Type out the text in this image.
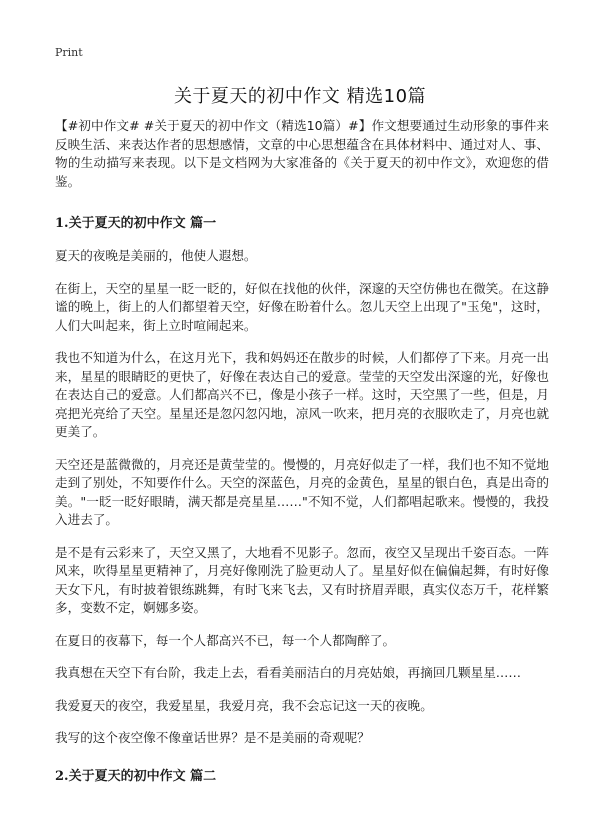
Print
关于夏天的初中作文 精选10篇

【#初中作文# #关于夏天的初中作文（精选10篇）#】作文想要通过生动形象的事件来反映生活、来表达作者的思想感情，文章的中心思想蕴含在具体材料中、通过对人、事、物的生动描写来表现。以下是文档网为大家准备的《关于夏天的初中作文》，欢迎您的借鉴。

1.关于夏天的初中作文 篇一

夏天的夜晚是美丽的，他使人遐想。

在街上，天空的星星一眨一眨的，好似在找他的伙伴，深邃的天空仿佛也在微笑。在这静谧的晚上，街上的人们都望着天空，好像在盼着什么。忽儿天空上出现了"玉兔"，这时，人们大叫起来，街上立时喧闹起来。

我也不知道为什么，在这月光下，我和妈妈还在散步的时候，人们都停了下来。月亮一出来，星星的眼睛眨的更快了，好像在表达自己的爱意。莹莹的天空发出深邃的光，好像也在表达自己的爱意。人们都高兴不已，像是小孩子一样。这时，天空黑了一些，但是，月亮把光亮给了天空。星星还是忽闪忽闪地，凉风一吹来，把月亮的衣服吹走了，月亮也就更美了。

天空还是蓝微微的，月亮还是黄莹莹的。慢慢的，月亮好似走了一样，我们也不知不觉地走到了别处，不知要作什么。天空的深蓝色，月亮的金黄色，星星的银白色，真是出奇的美。"一眨一眨好眼睛，满天都是亮星星……"不知不觉，人们都唱起歌来。慢慢的，我投入进去了。

是不是有云彩来了，天空又黑了，大地看不见影子。忽而，夜空又呈现出千姿百态。一阵风来，吹得星星更精神了，月亮好像刚洗了脸更动人了。星星好似在偏偏起舞，有时好像天女下凡，有时披着银练跳舞，有时飞来飞去，又有时挤眉弄眼，真实仪态万千，花样繁多，变数不定，婀娜多姿。

在夏日的夜幕下，每一个人都高兴不已，每一个人都陶醉了。

我真想在天空下有台阶，我走上去，看看美丽洁白的月亮姑娘，再摘回几颗星星……

我爱夏天的夜空，我爱星星，我爱月亮，我不会忘记这一天的夜晚。

我写的这个夜空像不像童话世界？是不是美丽的奇观呢？

2.关于夏天的初中作文 篇二
